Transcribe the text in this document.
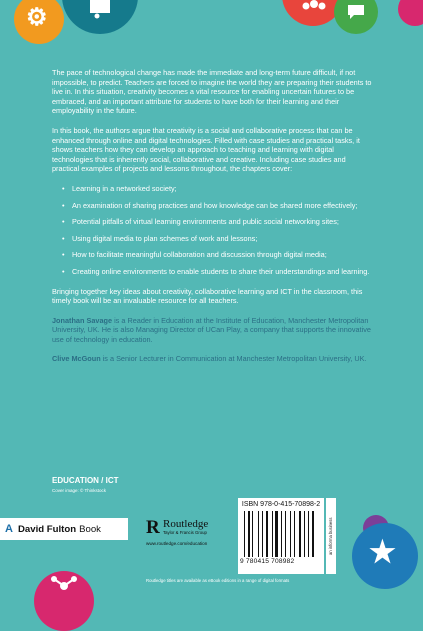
⚙
★

The pace of technological change has made the immediate and long-term future difficult, if not impossible, to predict. Teachers are forced to imagine the world they are preparing their students to live in. In this situation, creativity becomes a vital resource for enabling uncertain futures to be embraced, and an important attribute for students to have both for their learning and their employability in the future.

In this book, the authors argue that creativity is a social and collaborative process that can be enhanced through online and digital technologies. Filled with case studies and practical tasks, it shows teachers how they can develop an approach to teaching and learning with digital technologies that is inherently social, collaborative and creative. Including case studies and practical examples of projects and lessons throughout, the chapters cover:

• Learning in a networked society;
• An examination of sharing practices and how knowledge can be shared more effectively;
• Potential pitfalls of virtual learning environments and public social networking sites;
• Using digital media to plan schemes of work and lessons;
• How to facilitate meaningful collaboration and discussion through digital media;
• Creating online environments to enable students to share their understandings and learning.

Bringing together key ideas about creativity, collaborative learning and ICT in the classroom, this timely book will be an invaluable resource for all teachers.

Jonathan Savage is a Reader in Education at the Institute of Education, Manchester Metropolitan University, UK. He is also Managing Director of UCan Play, a company that supports the innovative use of technology in education.

Clive McGoun is a Senior Lecturer in Communication at Manchester Metropolitan University, UK.

EDUCATION / ICT
Cover image: © Thinkstock
A David Fulton Book R Routledge
Taylor & Francis Group
www.routledge.com/education
ISBN 978-0-415-70898-2
9 780415 708982
an informa business
Routledge titles are available as eBook editions in a range of digital formats
